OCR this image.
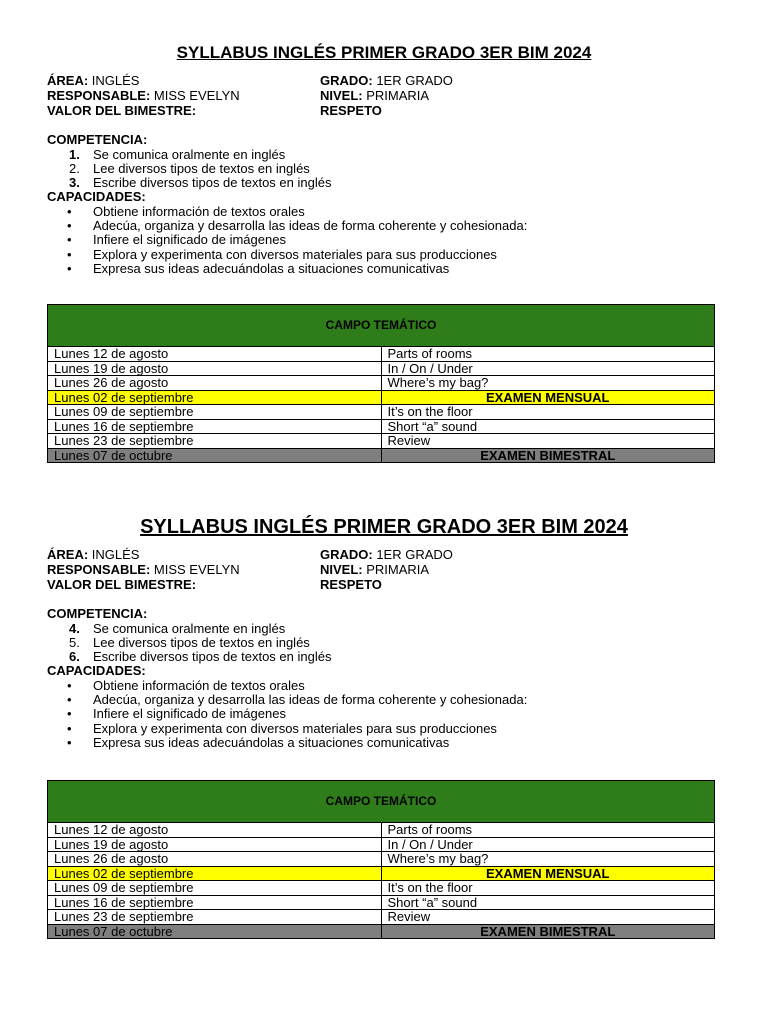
SYLLABUS INGLÉS PRIMER GRADO 3ER BIM 2024
ÁREA: INGLÉS
RESPONSABLE: MISS EVELYN
VALOR DEL BIMESTRE:
GRADO: 1ER GRADO
NIVEL: PRIMARIA
RESPETO
COMPETENCIA:
1. Se comunica oralmente en inglés
2. Lee diversos tipos de textos en inglés
3. Escribe diversos tipos de textos en inglés
CAPACIDADES:
• Obtiene información de textos orales
• Adecúa, organiza y desarrolla las ideas de forma coherente y cohesionada:
• Infiere el significado de imágenes
• Explora y experimenta con diversos materiales para sus producciones
• Expresa sus ideas adecuándolas a situaciones comunicativas
CAMPO TEMÁTICO	
Lunes 12 de agosto	Parts of rooms
Lunes 19 de agosto	In / On / Under
Lunes 26 de agosto	Where’s my bag?
Lunes 02 de septiembre	EXAMEN MENSUAL
Lunes 09 de septiembre	It’s on the floor
Lunes 16 de septiembre	Short “a” sound
Lunes 23 de septiembre	Review
Lunes 07 de octubre	EXAMEN BIMESTRAL
SYLLABUS INGLÉS PRIMER GRADO 3ER BIM 2024
ÁREA: INGLÉS
RESPONSABLE: MISS EVELYN
VALOR DEL BIMESTRE:
GRADO: 1ER GRADO
NIVEL: PRIMARIA
RESPETO
COMPETENCIA:
4. Se comunica oralmente en inglés
5. Lee diversos tipos de textos en inglés
6. Escribe diversos tipos de textos en inglés
CAPACIDADES:
• Obtiene información de textos orales
• Adecúa, organiza y desarrolla las ideas de forma coherente y cohesionada:
• Infiere el significado de imágenes
• Explora y experimenta con diversos materiales para sus producciones
• Expresa sus ideas adecuándolas a situaciones comunicativas
CAMPO TEMÁTICO	
Lunes 12 de agosto	Parts of rooms
Lunes 19 de agosto	In / On / Under
Lunes 26 de agosto	Where’s my bag?
Lunes 02 de septiembre	EXAMEN MENSUAL
Lunes 09 de septiembre	It’s on the floor
Lunes 16 de septiembre	Short “a” sound
Lunes 23 de septiembre	Review
Lunes 07 de octubre	EXAMEN BIMESTRAL
